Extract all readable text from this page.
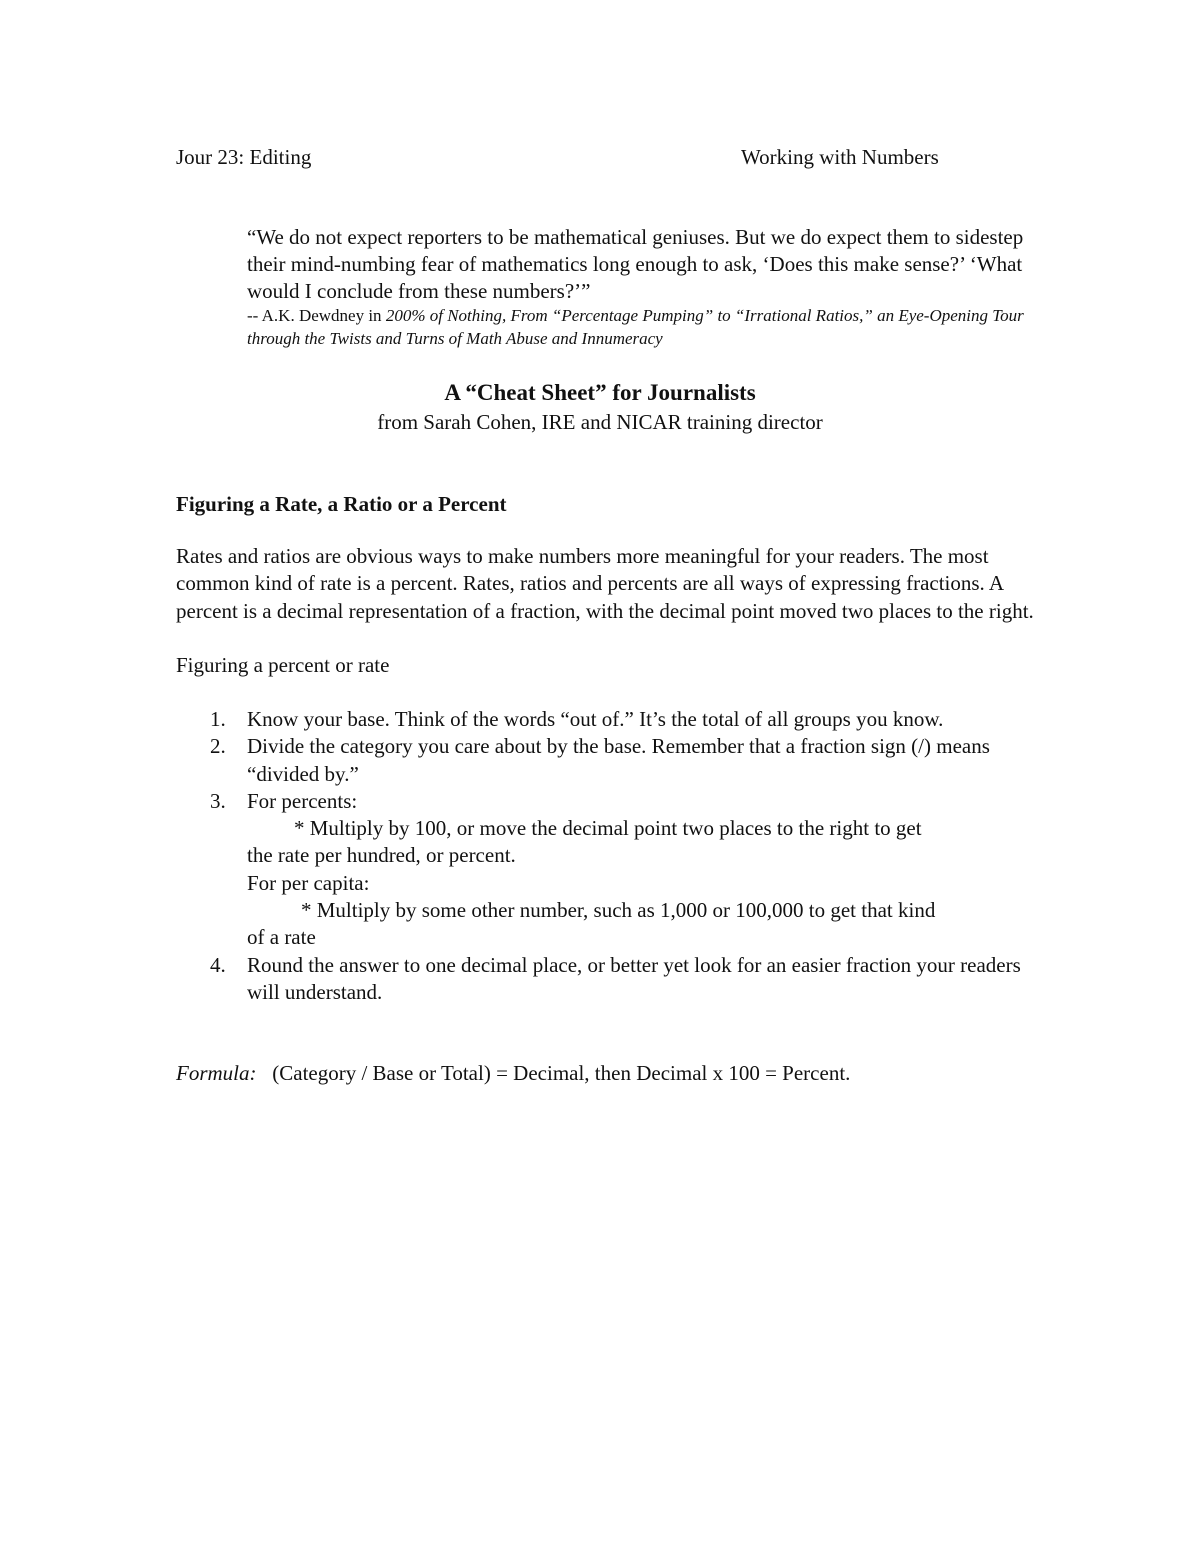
Jour 23: Editing	Working with Numbers
“We do not expect reporters to be mathematical geniuses. But we do expect them to sidestep their mind-numbing fear of mathematics long enough to ask, ‘Does this make sense?’ ‘What would I conclude from these numbers?’”
-- A.K. Dewdney in 200% of Nothing, From “Percentage Pumping” to “Irrational Ratios,” an Eye-Opening Tour through the Twists and Turns of Math Abuse and Innumeracy
A “Cheat Sheet” for Journalists
from Sarah Cohen, IRE and NICAR training director
Figuring a Rate, a Ratio or a Percent
Rates and ratios are obvious ways to make numbers more meaningful for your readers. The most common kind of rate is a percent. Rates, ratios and percents are all ways of expressing fractions. A percent is a decimal representation of a fraction, with the decimal point moved two places to the right.
Figuring a percent or rate
1. Know your base. Think of the words “out of.” It’s the total of all groups you know.
2. Divide the category you care about by the base. Remember that a fraction sign (/) means “divided by.”
3. For percents:
* Multiply by 100, or move the decimal point two places to the right to get
the rate per hundred, or percent.
For per capita:
* Multiply by some other number, such as 1,000 or 100,000 to get that kind
of a rate
4. Round the answer to one decimal place, or better yet look for an easier fraction your readers will understand.
Formula: (Category / Base or Total) = Decimal, then Decimal x 100 = Percent.
